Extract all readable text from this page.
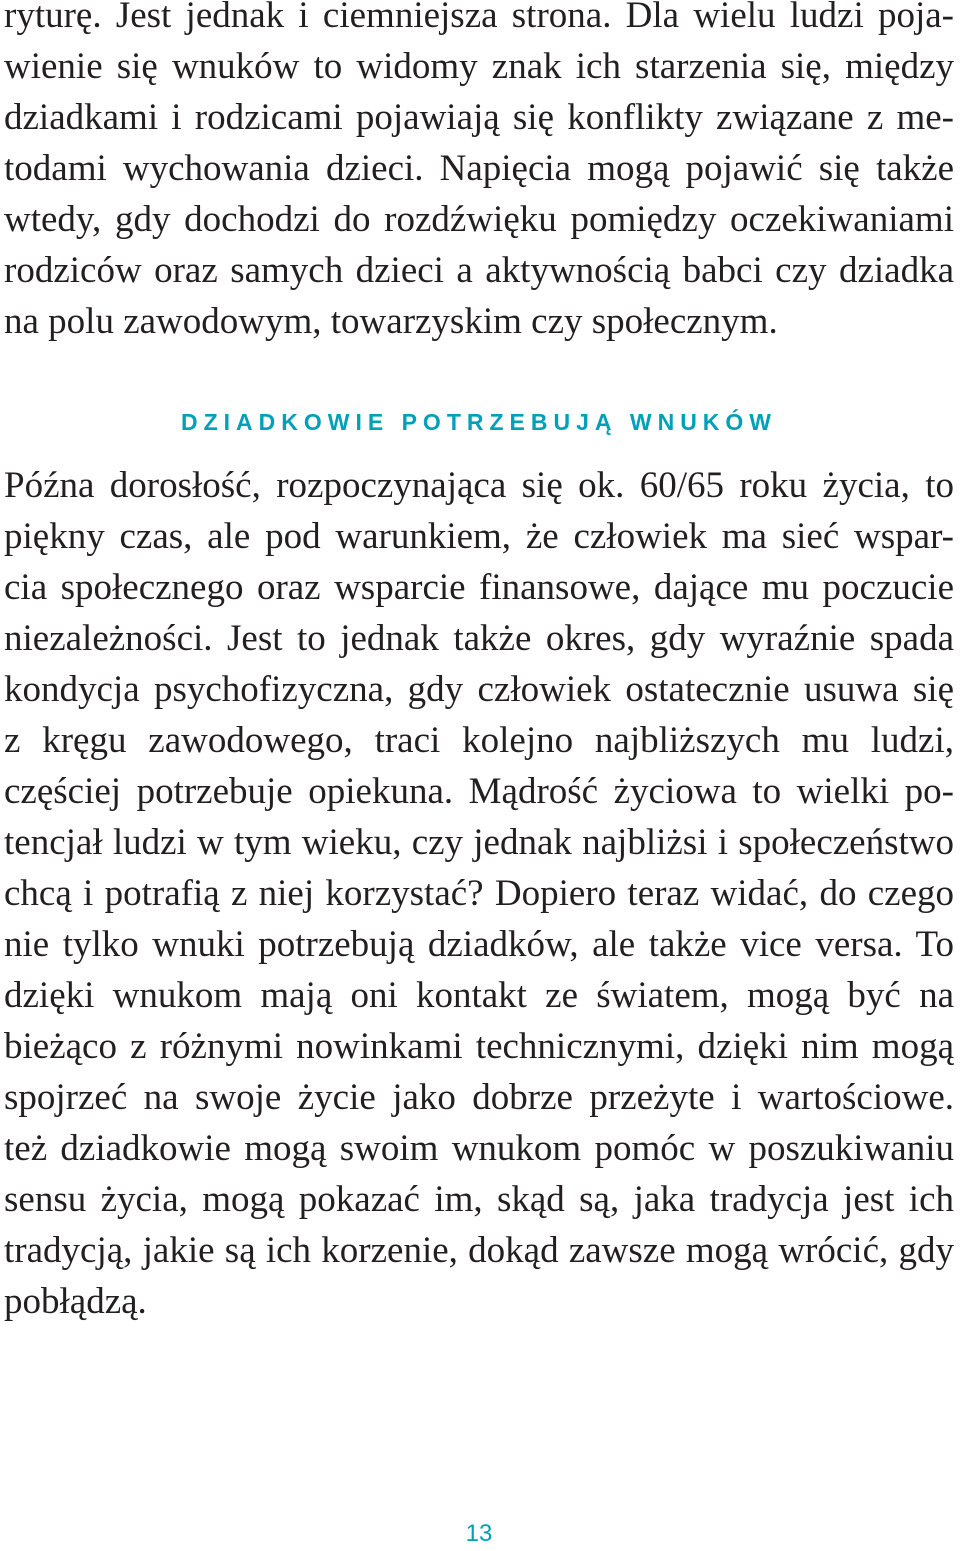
ryturę. Jest jednak i ciemniejsza strona. Dla wielu ludzi poja-
wienie się wnuków to widomy znak ich starzenia się, między
dziadkami i rodzicami pojawiają się konflikty związane z me-
todami wychowania dzieci. Napięcia mogą pojawić się także
wtedy, gdy dochodzi do rozdźwięku pomiędzy oczekiwaniami
rodziców oraz samych dzieci a aktywnością babci czy dziadka
na polu zawodowym, towarzyskim czy społecznym.
DZIADKOWIE POTRZEBUJĄ WNUKÓW
Późna dorosłość, rozpoczynająca się ok. 60/65 roku życia, to
piękny czas, ale pod warunkiem, że człowiek ma sieć wspar-
cia społecznego oraz wsparcie finansowe, dające mu poczucie
niezależności. Jest to jednak także okres, gdy wyraźnie spada
kondycja psychofizyczna, gdy człowiek ostatecznie usuwa się
z kręgu zawodowego, traci kolejno najbliższych mu ludzi,
częściej potrzebuje opiekuna. Mądrość życiowa to wielki po-
tencjał ludzi w tym wieku, czy jednak najbliżsi i społeczeństwo
chcą i potrafią z niej korzystać? Dopiero teraz widać, do czego
nie tylko wnuki potrzebują dziadków, ale także vice versa. To
dzięki wnukom mają oni kontakt ze światem, mogą być na
bieżąco z różnymi nowinkami technicznymi, dzięki nim mogą
spojrzeć na swoje życie jako dobrze przeżyte i wartościowe.
też dziadkowie mogą swoim wnukom pomóc w poszukiwaniu
sensu życia, mogą pokazać im, skąd są, jaka tradycja jest ich
tradycją, jakie są ich korzenie, dokąd zawsze mogą wrócić, gdy
pobłądzą.
13
